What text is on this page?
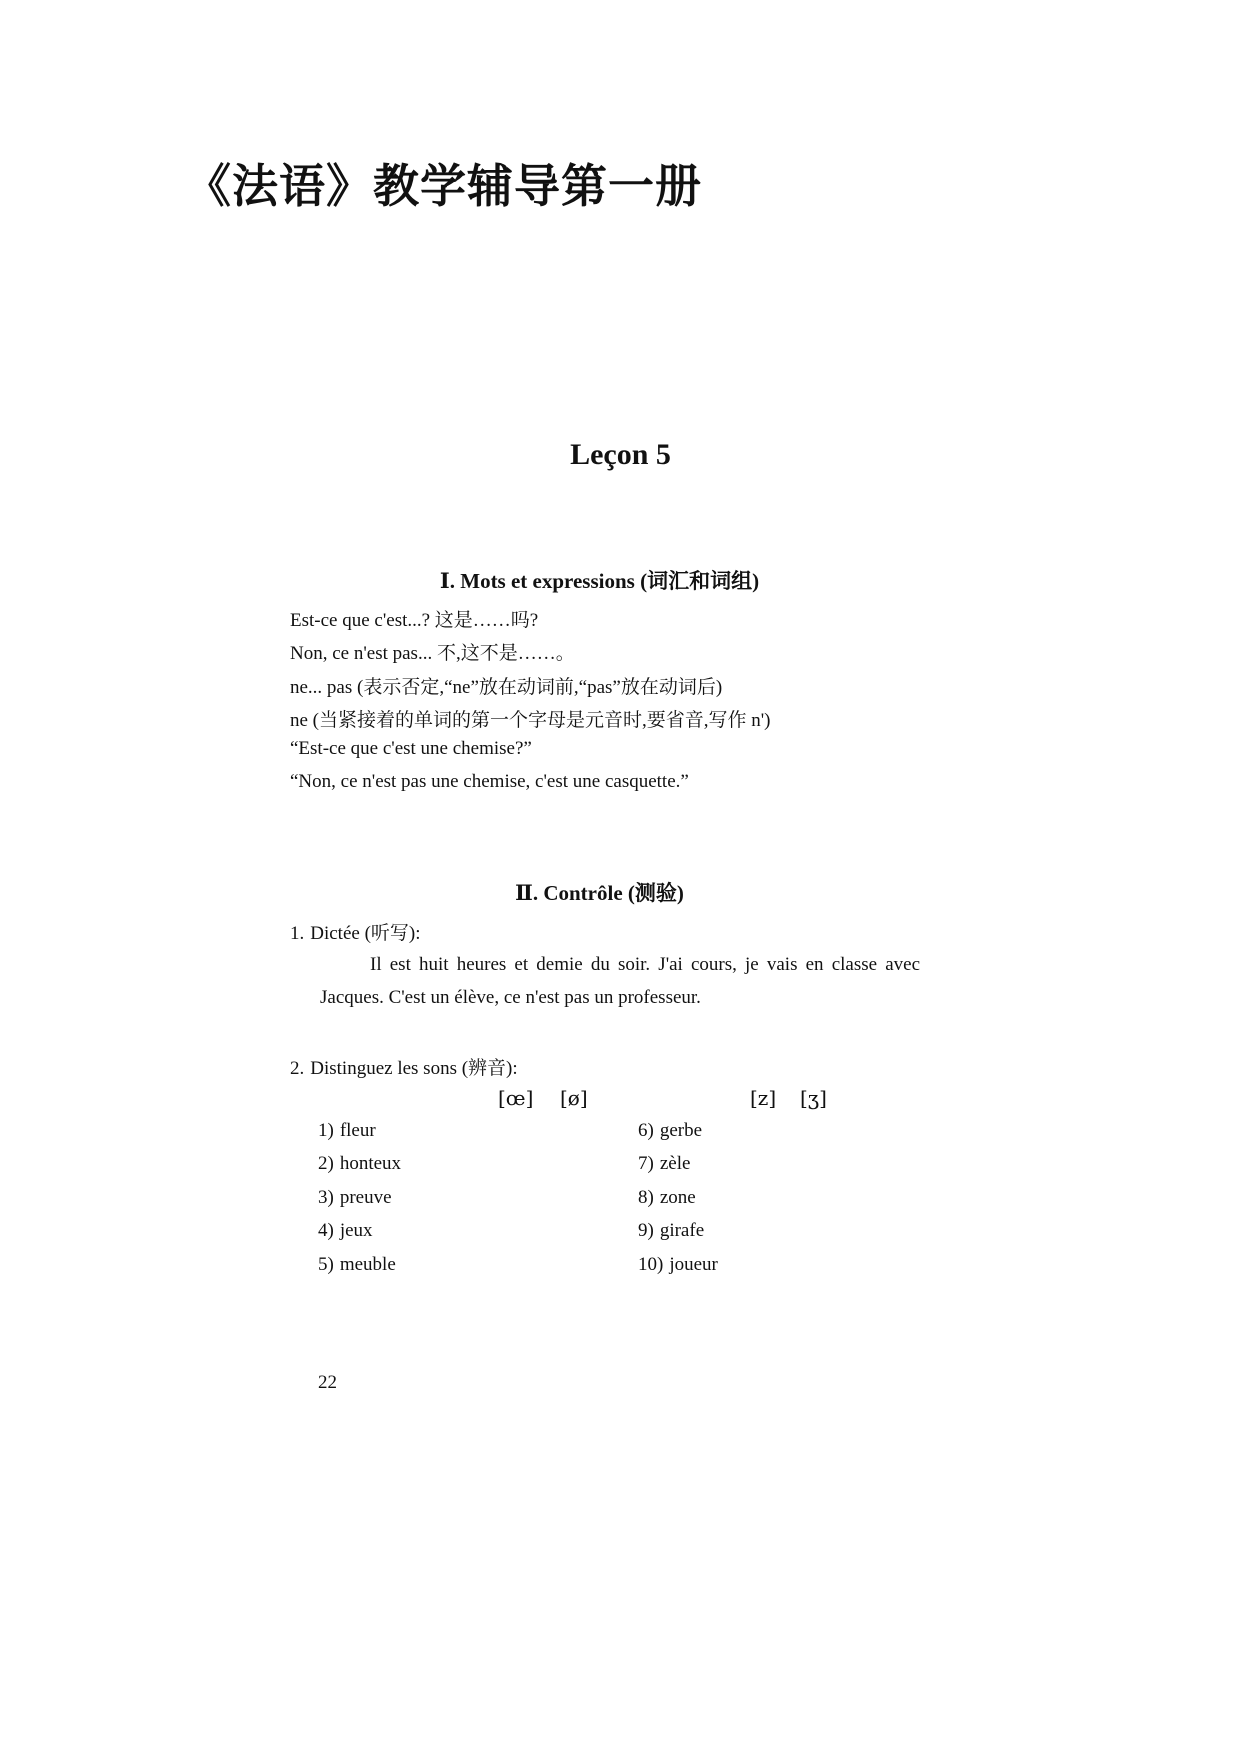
《法语》教学辅导第一册
Leçon 5
Ⅰ. Mots et expressions (词汇和词组)
Est-ce que c'est...? 这是……吗?
Non, ce n'est pas... 不,这不是……。
ne... pas (表示否定,“ne”放在动词前,“pas”放在动词后)
ne (当紧接着的单词的第一个字母是元音时,要省音,写作 n')
“Est-ce que c'est une chemise?”
“Non, ce n'est pas une chemise, c'est une casquette.”
Ⅱ. Contrôle (测验)
1. Dictée (听写):
Il est huit heures et demie du soir. J'ai cours, je vais en classe avec Jacques. C'est un élève, ce n'est pas un professeur.
2. Distinguez les sons (辨音):
[œ] [ø]	[z] [ʒ]
1) fleur
2) honteux
3) preuve
4) jeux
5) meuble
6) gerbe
7) zèle
8) zone
9) girafe
10) joueur
22
